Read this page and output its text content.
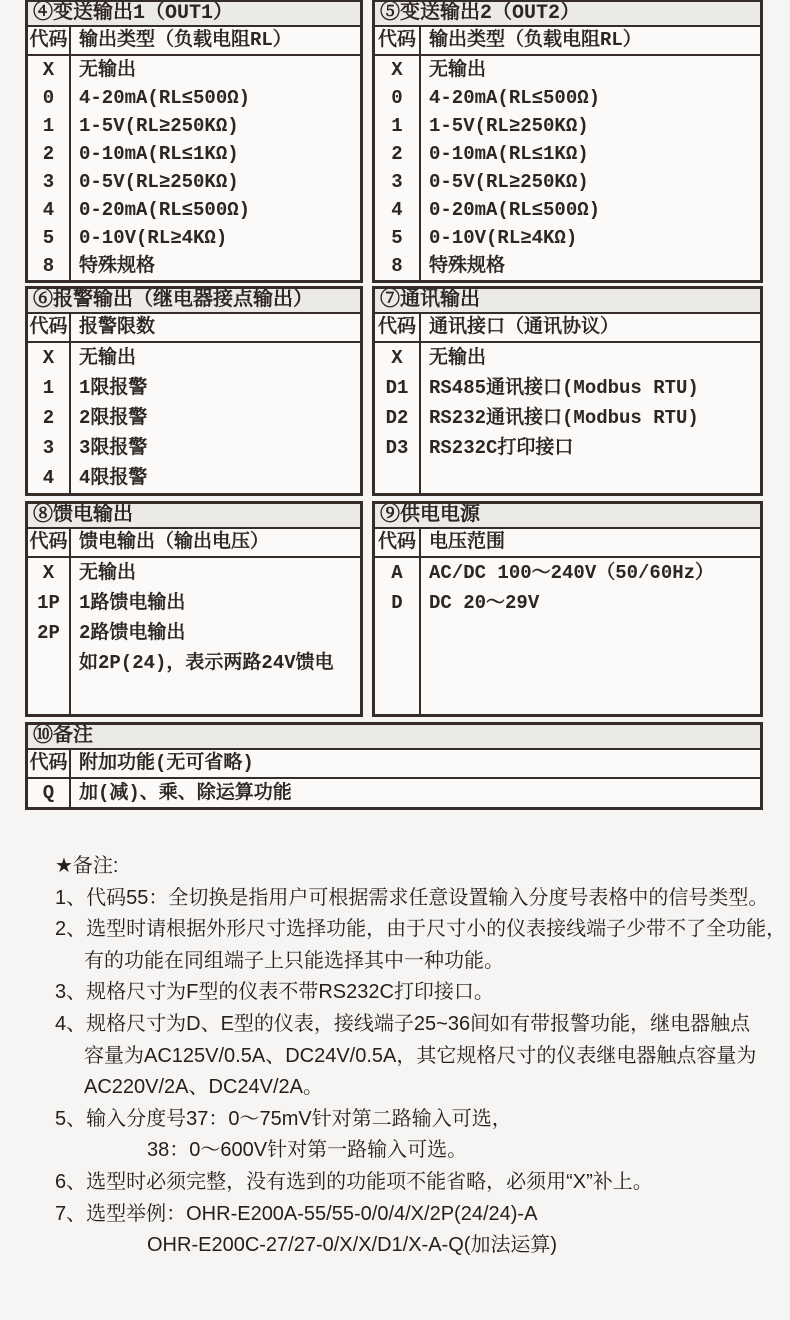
④变送输出1（OUT1）
代码 输出类型（负载电阻RL）
X
0
1
2
3
4
5
8
无输出
4-20mA(RL≤500Ω)
1-5V(RL≥250KΩ)
0-10mA(RL≤1KΩ)
0-5V(RL≥250KΩ)
0-20mA(RL≤500Ω)
0-10V(RL≥4KΩ)
特殊规格
⑤变送输出2（OUT2）
代码 输出类型（负载电阻RL）
X
0
1
2
3
4
5
8
无输出
4-20mA(RL≤500Ω)
1-5V(RL≥250KΩ)
0-10mA(RL≤1KΩ)
0-5V(RL≥250KΩ)
0-20mA(RL≤500Ω)
0-10V(RL≥4KΩ)
特殊规格
⑥报警输出（继电器接点输出）
代码 报警限数
X
1
2
3
4
无输出
1限报警
2限报警
3限报警
4限报警
⑦通讯输出
代码 通讯接口（通讯协议）
X
D1
D2
D3
无输出
RS485通讯接口(Modbus RTU)
RS232通讯接口(Modbus RTU)
RS232C打印接口
⑧馈电输出
代码 馈电输出（输出电压）
X
1P
2P
无输出
1路馈电输出
2路馈电输出
如2P(24)，表示两路24V馈电
⑨供电电源
代码 电压范围
A
D
AC/DC 100～240V（50/60Hz）
DC 20～29V
⑩备注
代码 附加功能(无可省略)
Q	加(减)、乘、除运算功能
★备注:
1、代码55：全切换是指用户可根据需求任意设置输入分度号表格中的信号类型。
2、选型时请根据外形尺寸选择功能，由于尺寸小的仪表接线端子少带不了全功能，
有的功能在同组端子上只能选择其中一种功能。
3、规格尺寸为F型的仪表不带RS232C打印接口。
4、规格尺寸为D、E型的仪表，接线端子25~36间如有带报警功能，继电器触点
容量为AC125V/0.5A、DC24V/0.5A，其它规格尺寸的仪表继电器触点容量为
AC220V/2A、DC24V/2A。
5、输入分度号37：0～75mV针对第二路输入可选，
38：0～600V针对第一路输入可选。
6、选型时必须完整，没有选到的功能项不能省略，必须用“X”补上。
7、选型举例：OHR-E200A-55/55-0/0/4/X/2P(24/24)-A
OHR-E200C-27/27-0/X/X/D1/X-A-Q(加法运算)
